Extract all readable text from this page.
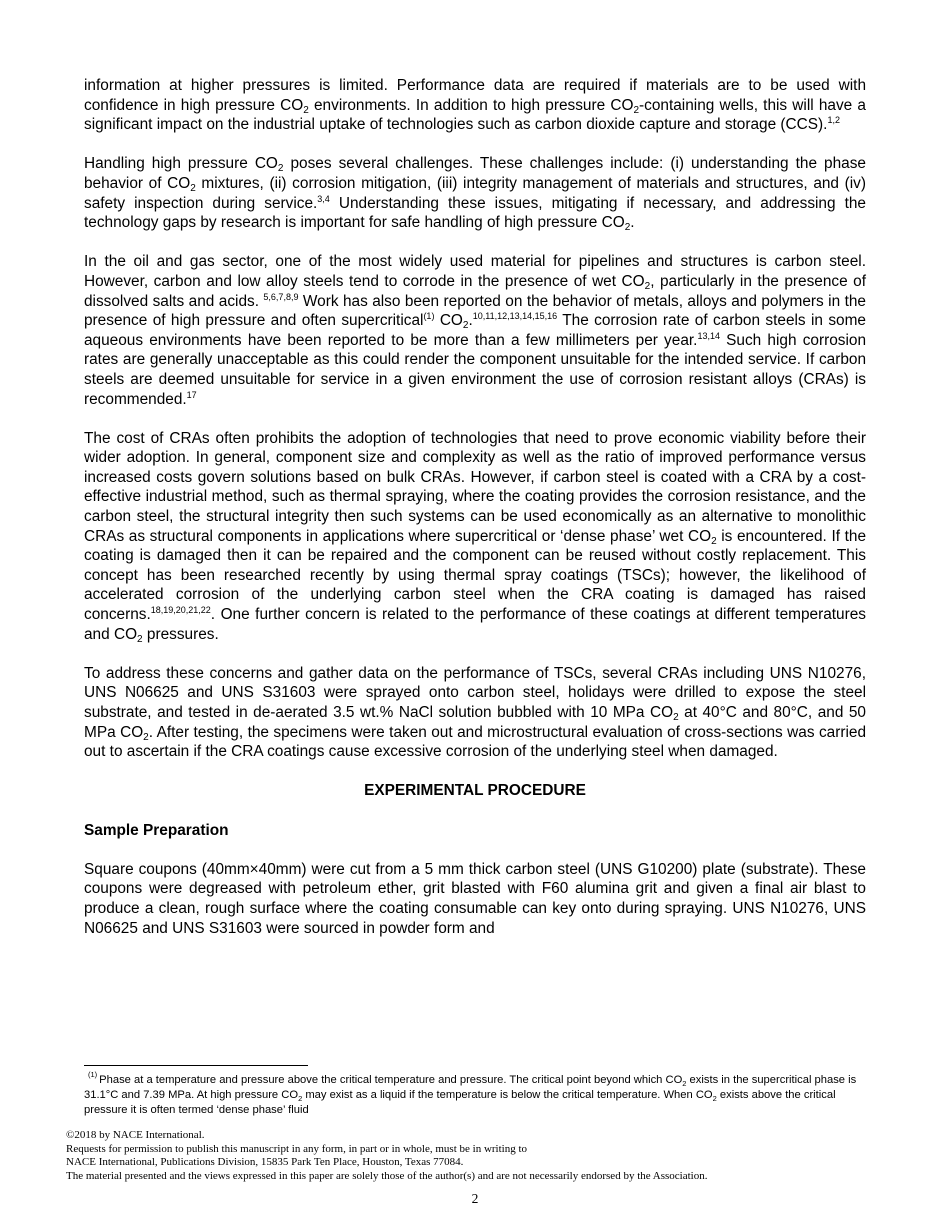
information at higher pressures is limited. Performance data are required if materials are to be used with confidence in high pressure $CO_2$ environments. In addition to high pressure $CO_2$-containing wells, this will have a significant impact on the industrial uptake of technologies such as carbon dioxide capture and storage (CCS).$^{1,2}$

Handling high pressure $CO_2$ poses several challenges. These challenges include: (i) understanding the phase behavior of $CO_2$ mixtures, (ii) corrosion mitigation, (iii) integrity management of materials and structures, and (iv) safety inspection during service.$^{3,4}$ Understanding these issues, mitigating if necessary, and addressing the technology gaps by research is important for safe handling of high pressure $CO_2$.

In the oil and gas sector, one of the most widely used material for pipelines and structures is carbon steel. However, carbon and low alloy steels tend to corrode in the presence of wet $CO_2$, particularly in the presence of dissolved salts and acids. $^{5,6,7,8,9}$ Work has also been reported on the behavior of metals, alloys and polymers in the presence of high pressure and often supercritical$^{(1)}$ $CO_2.^{10,11,12,13,14,15,16}$ The corrosion rate of carbon steels in some aqueous environments have been reported to be more than a few millimeters per year.$^{13,14}$ Such high corrosion rates are generally unacceptable as this could render the component unsuitable for the intended service. If carbon steels are deemed unsuitable for service in a given environment the use of corrosion resistant alloys (CRAs) is recommended.$^{17}$

The cost of CRAs often prohibits the adoption of technologies that need to prove economic viability before their wider adoption. In general, component size and complexity as well as the ratio of improved performance versus increased costs govern solutions based on bulk CRAs. However, if carbon steel is coated with a CRA by a cost-effective industrial method, such as thermal spraying, where the coating provides the corrosion resistance, and the carbon steel, the structural integrity then such systems can be used economically as an alternative to monolithic CRAs as structural components in applications where supercritical or ‘dense phase’ wet $CO_2$ is encountered. If the coating is damaged then it can be repaired and the component can be reused without costly replacement. This concept has been researched recently by using thermal spray coatings (TSCs); however, the likelihood of accelerated corrosion of the underlying carbon steel when the CRA coating is damaged has raised concerns.$^{18,19,20,21,22}$. One further concern is related to the performance of these coatings at different temperatures and $CO_2$ pressures.

To address these concerns and gather data on the performance of TSCs, several CRAs including UNS N10276, UNS N06625 and UNS S31603 were sprayed onto carbon steel, holidays were drilled to expose the steel substrate, and tested in de-aerated 3.5 wt.% NaCl solution bubbled with 10 MPa $CO_2$ at 40°C and 80°C, and 50 MPa $CO_2$. After testing, the specimens were taken out and microstructural evaluation of cross-sections was carried out to ascertain if the CRA coatings cause excessive corrosion of the underlying steel when damaged.

EXPERIMENTAL PROCEDURE
Sample Preparation

Square coupons (40mm×40mm) were cut from a 5 mm thick carbon steel (UNS G10200) plate (substrate). These coupons were degreased with petroleum ether, grit blasted with F60 alumina grit and given a final air blast to produce a clean, rough surface where the coating consumable can key onto during spraying. UNS N10276, UNS N06625 and UNS S31603 were sourced in powder form and

$^{(1)}$ Phase at a temperature and pressure above the critical temperature and pressure. The critical point beyond which $CO_2$ exists in the supercritical phase is 31.1°C and 7.39 MPa. At high pressure $CO_2$ may exist as a liquid if the temperature is below the critical temperature. When $CO_2$ exists above the critical pressure it is often termed ‘dense phase’ fluid
©2018 by NACE International.
Requests for permission to publish this manuscript in any form, in part or in whole, must be in writing to
NACE International, Publications Division, 15835 Park Ten Place, Houston, Texas 77084.
The material presented and the views expressed in this paper are solely those of the author(s) and are not necessarily endorsed by the Association.
2
